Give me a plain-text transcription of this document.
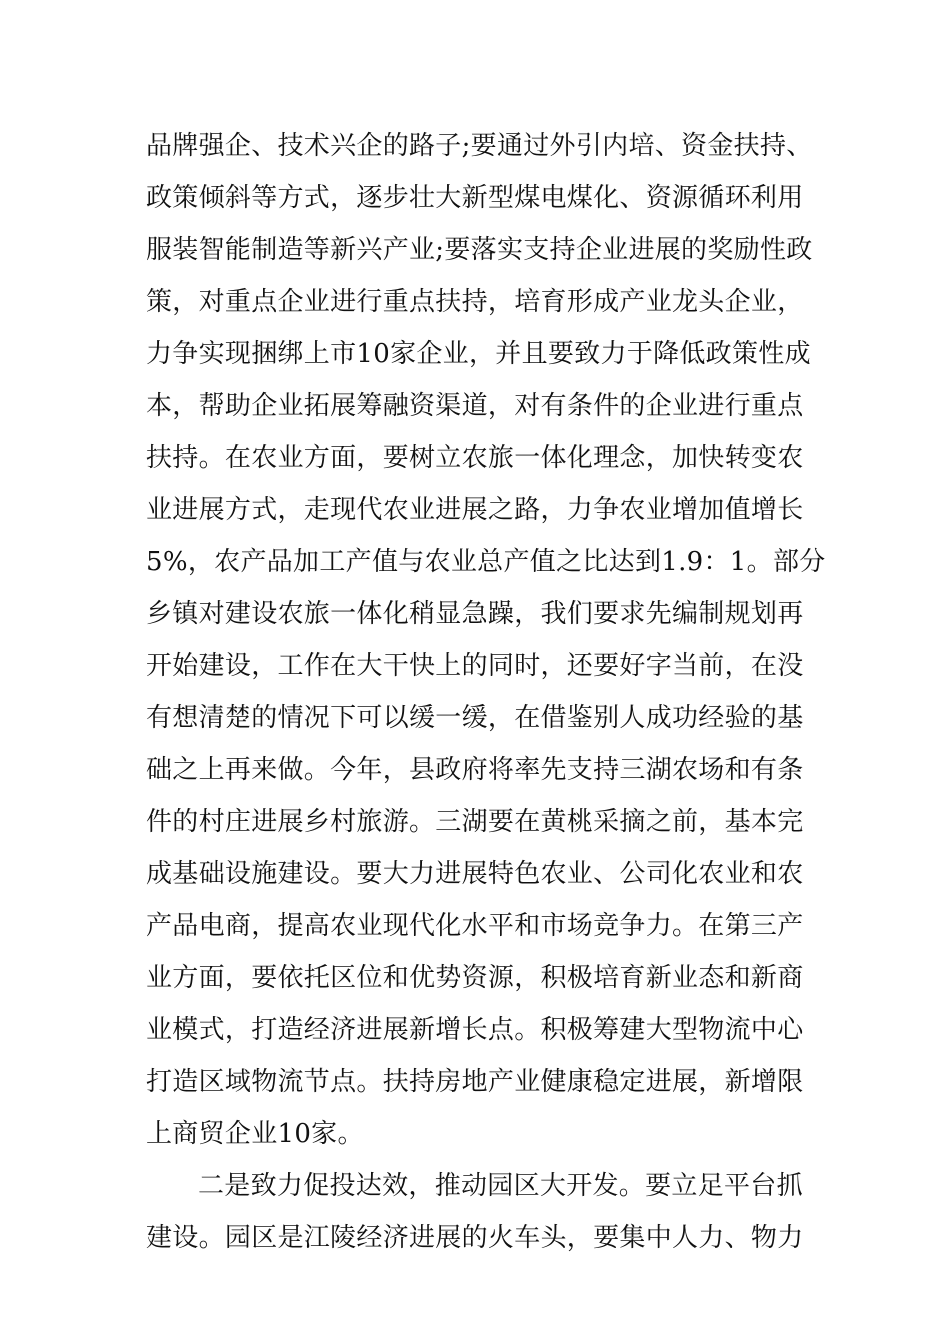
品牌强企、技术兴企的路子;要通过外引内培、资金扶持、
政策倾斜等方式，逐步壮大新型煤电煤化、资源循环利用
服装智能制造等新兴产业;要落实支持企业进展的奖励性政
策，对重点企业进行重点扶持，培育形成产业龙头企业，
力争实现捆绑上市10家企业，并且要致力于降低政策性成
本，帮助企业拓展筹融资渠道，对有条件的企业进行重点
扶持。在农业方面，要树立农旅一体化理念，加快转变农
业进展方式，走现代农业进展之路，力争农业增加值增长
5%，农产品加工产值与农业总产值之比达到1.9：1。部分
乡镇对建设农旅一体化稍显急躁，我们要求先编制规划再
开始建设，工作在大干快上的同时，还要好字当前，在没
有想清楚的情况下可以缓一缓，在借鉴别人成功经验的基
础之上再来做。今年，县政府将率先支持三湖农场和有条
件的村庄进展乡村旅游。三湖要在黄桃采摘之前，基本完
成基础设施建设。要大力进展特色农业、公司化农业和农
产品电商，提高农业现代化水平和市场竞争力。在第三产
业方面，要依托区位和优势资源，积极培育新业态和新商
业模式，打造经济进展新增长点。积极筹建大型物流中心
打造区域物流节点。扶持房地产业健康稳定进展，新增限
上商贸企业10家。
二是致力促投达效，推动园区大开发。要立足平台抓
建设。园区是江陵经济进展的火车头，要集中人力、物力
